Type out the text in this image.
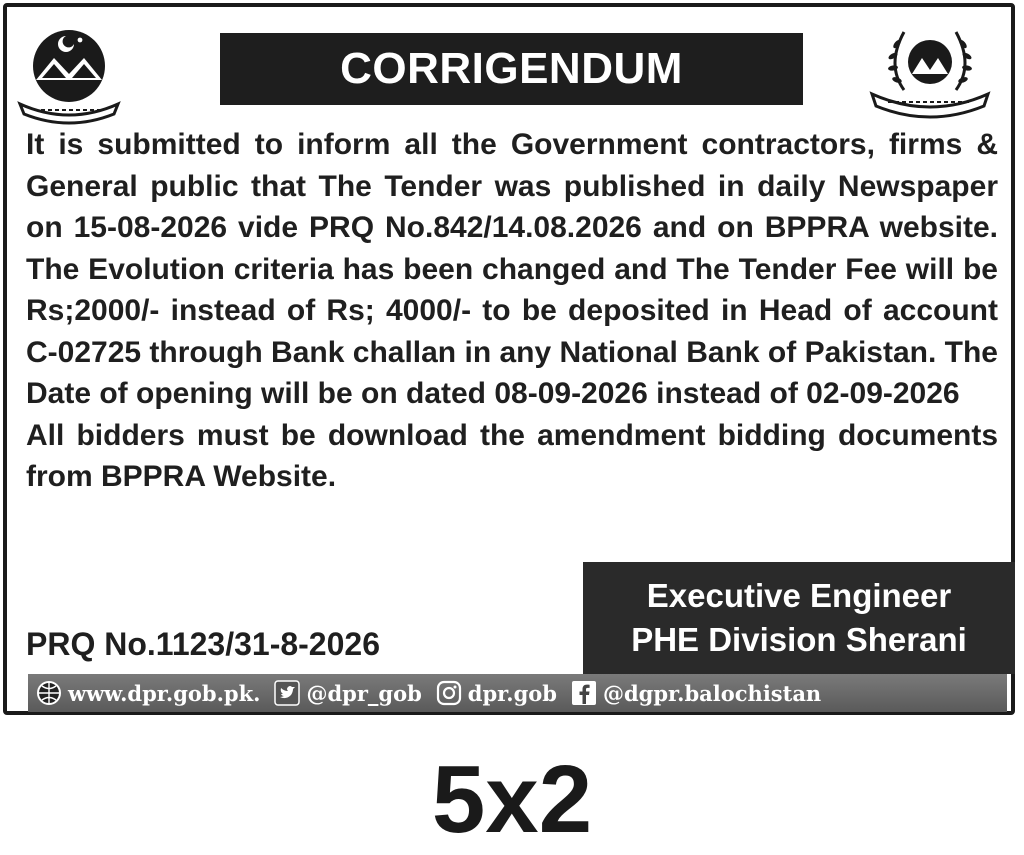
CORRIGENDUM

It is submitted to inform all the Government contractors, firms & General public that The Tender was published in daily Newspaper on 15-08-2026 vide PRQ No.842/14.08.2026 and on BPPRA website. The Evolution criteria has been changed and The Tender Fee will be Rs;2000/- instead of Rs; 4000/- to be deposited in Head of account C-02725 through Bank challan in any National Bank of Pakistan. The Date of opening will be on dated 08-09-2026 instead of 02-09-2026

All bidders must be download the amendment bidding documents from BPPRA Website.

Executive Engineer
PHE Division Sherani
PRQ No.1123/31-8-2026
www.dpr.gob.pk. @dpr_gob dpr.gob @dgpr.balochistan
5x2
